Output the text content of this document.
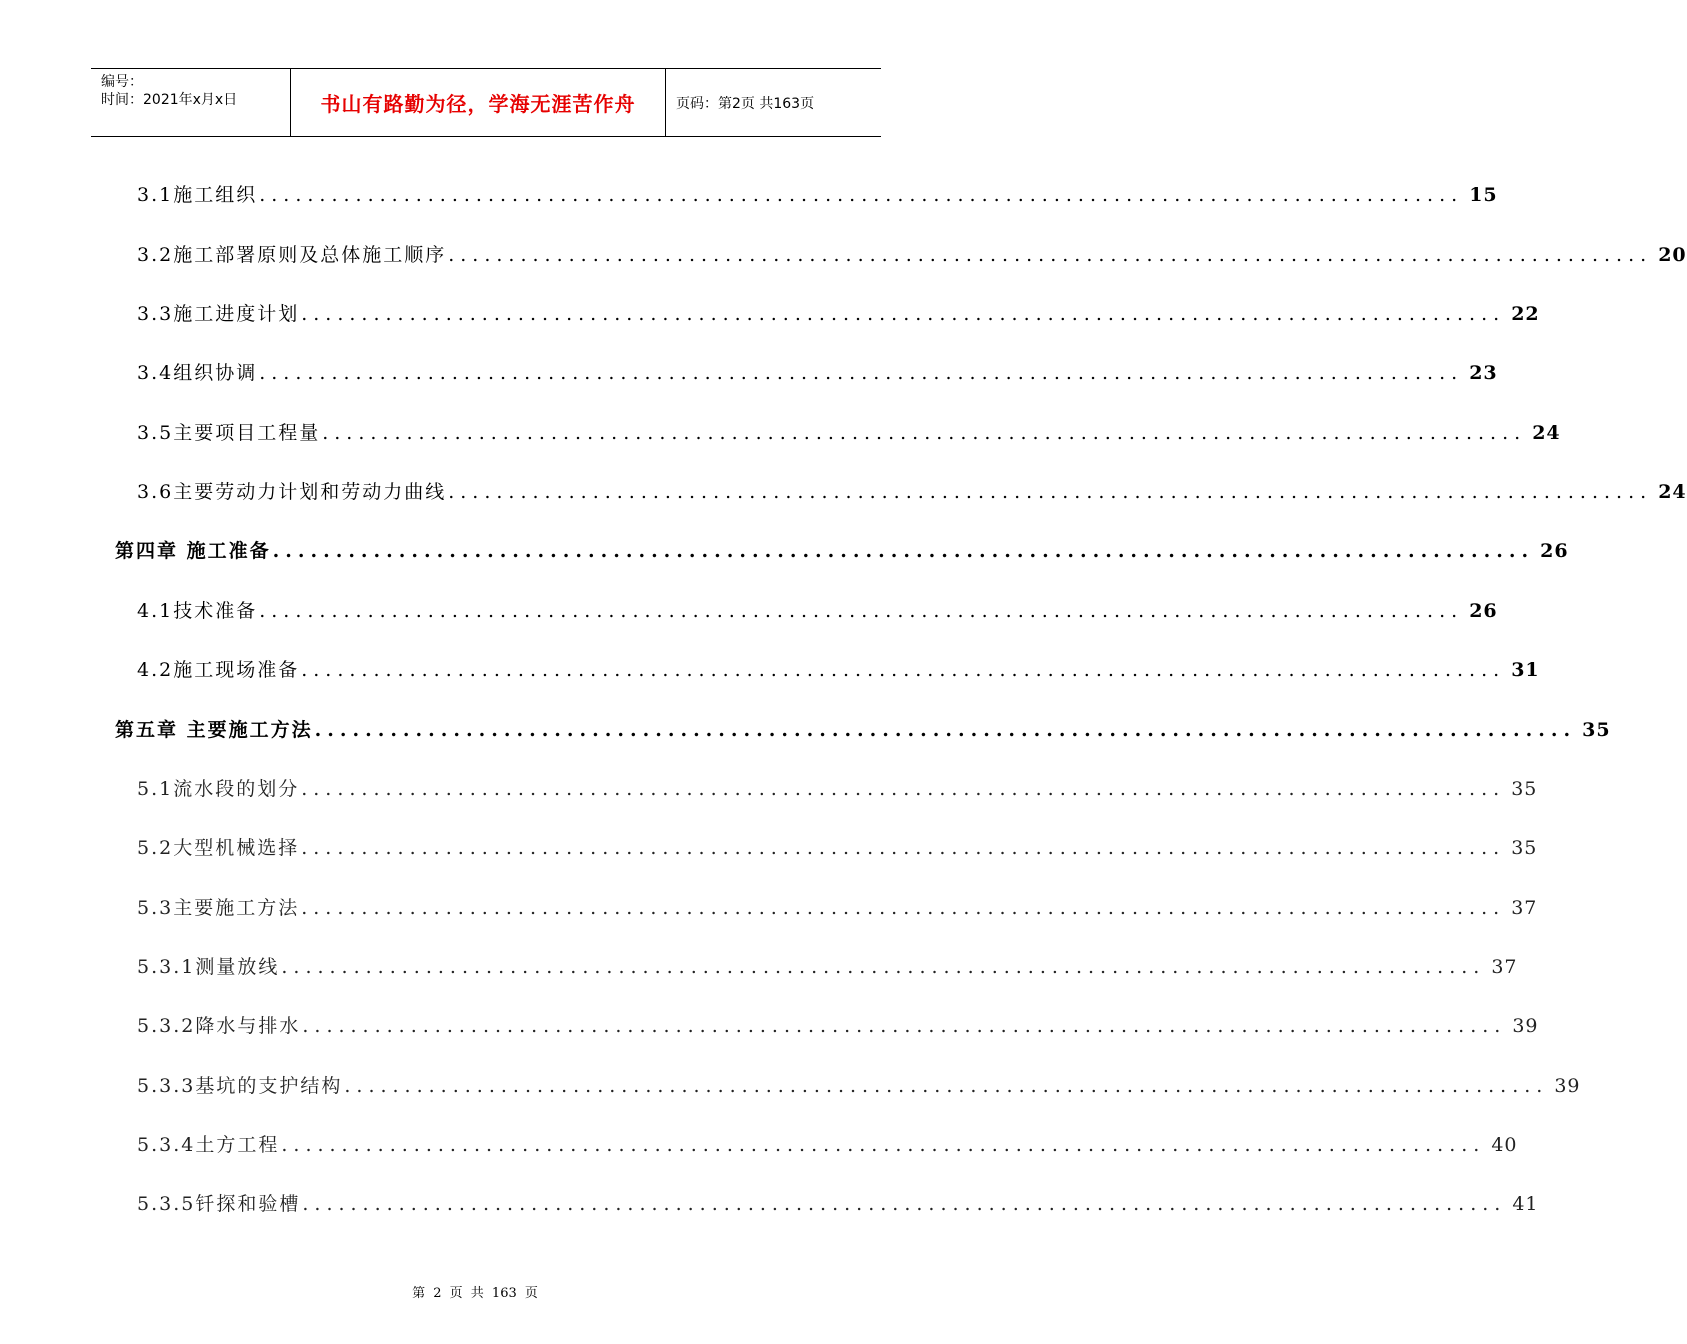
编号：
时间：2021年x月x日	书山有路勤为径，学海无涯苦作舟	页码：第2页 共163页
3.1施工组织 .................................................................................................... 15
3.2施工部署原则及总体施工顺序 .................................................................................................... 20
3.3施工进度计划 .................................................................................................... 22
3.4组织协调 .................................................................................................... 23
3.5主要项目工程量 .................................................................................................... 24
3.6主要劳动力计划和劳动力曲线 .................................................................................................... 24
第四章 施工准备 .................................................................................................... 26
4.1技术准备 .................................................................................................... 26
4.2施工现场准备 .................................................................................................... 31
第五章 主要施工方法 .................................................................................................... 35
5.1流水段的划分 .................................................................................................... 35
5.2大型机械选择 .................................................................................................... 35
5.3主要施工方法 .................................................................................................... 37
5.3.1测量放线 .................................................................................................... 37
5.3.2降水与排水 .................................................................................................... 39
5.3.3基坑的支护结构 .................................................................................................... 39
5.3.4土方工程 .................................................................................................... 40
5.3.5钎探和验槽 .................................................................................................... 41
第 2 页 共 163 页
